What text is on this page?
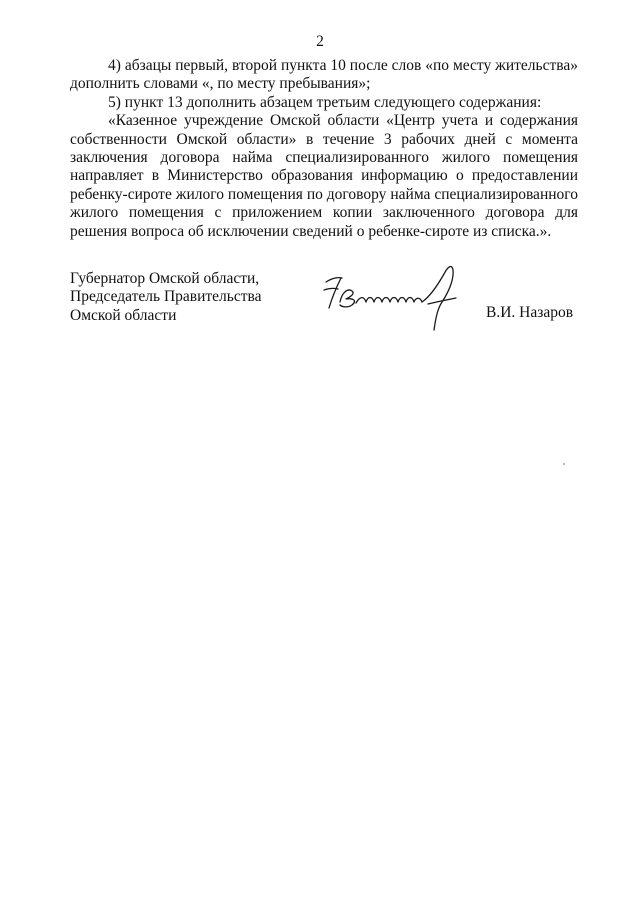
2

4) абзацы первый, второй пункта 10 после слов «по месту жительства» дополнить словами «, по месту пребывания»;

5) пункт 13 дополнить абзацем третьим следующего содержания:

«Казенное учреждение Омской области «Центр учета и содержания собственности Омской области» в течение 3 рабочих дней с момента заключения договора найма специализированного жилого помещения направляет в Министерство образования информацию о предоставлении ребенку-сироте жилого помещения по договору найма специализированного жилого помещения с приложением копии заключенного договора для решения вопроса об исключении сведений о ребенке-сироте из списка.».

Губернатор Омской области,
Председатель Правительства
Омской области	В.И. Назаров
